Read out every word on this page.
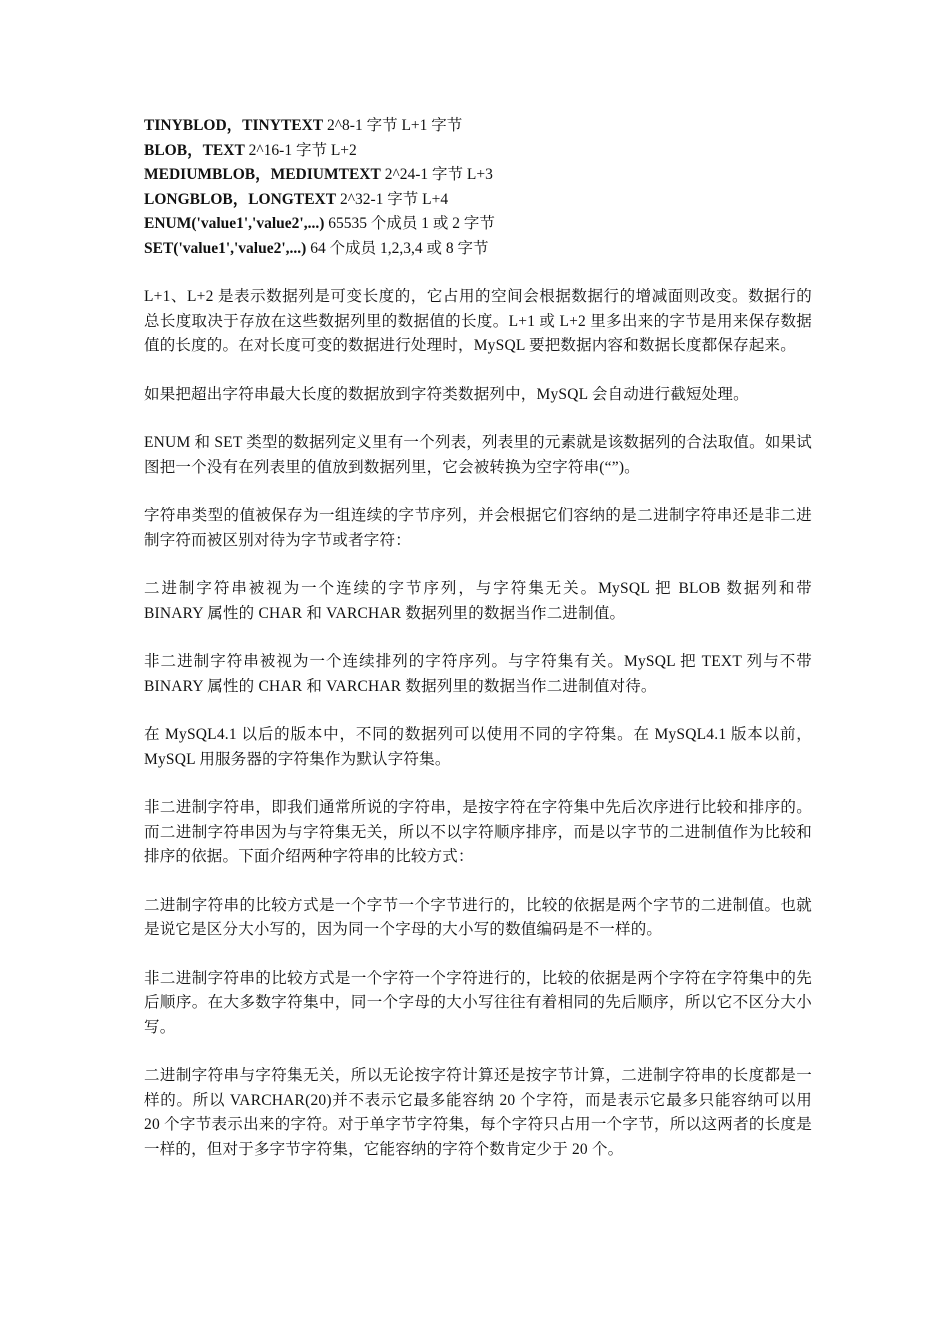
TINYBLOD，TINYTEXT 2^8-1 字节 L+1 字节
BLOB，TEXT 2^16-1 字节 L+2
MEDIUMBLOB，MEDIUMTEXT 2^24-1 字节 L+3
LONGBLOB，LONGTEXT 2^32-1 字节 L+4
ENUM('value1','value2',...) 65535 个成员 1 或 2 字节
SET('value1','value2',...) 64 个成员 1,2,3,4 或 8 字节

L+1、L+2 是表示数据列是可变长度的，它占用的空间会根据数据行的增减面则改变。数据行的总长度取决于存放在这些数据列里的数据值的长度。L+1 或 L+2 里多出来的字节是用来保存数据值的长度的。在对长度可变的数据进行处理时，MySQL 要把数据内容和数据长度都保存起来。

如果把超出字符串最大长度的数据放到字符类数据列中，MySQL 会自动进行截短处理。

ENUM 和 SET 类型的数据列定义里有一个列表，列表里的元素就是该数据列的合法取值。如果试图把一个没有在列表里的值放到数据列里，它会被转换为空字符串(“”)。

字符串类型的值被保存为一组连续的字节序列，并会根据它们容纳的是二进制字符串还是非二进制字符而被区别对待为字节或者字符：

二进制字符串被视为一个连续的字节序列，与字符集无关。MySQL 把 BLOB 数据列和带 BINARY 属性的 CHAR 和 VARCHAR 数据列里的数据当作二进制值。

非二进制字符串被视为一个连续排列的字符序列。与字符集有关。MySQL 把 TEXT 列与不带 BINARY 属性的 CHAR 和 VARCHAR 数据列里的数据当作二进制值对待。

在 MySQL4.1 以后的版本中，不同的数据列可以使用不同的字符集。在 MySQL4.1 版本以前，MySQL 用服务器的字符集作为默认字符集。

非二进制字符串，即我们通常所说的字符串，是按字符在字符集中先后次序进行比较和排序的。而二进制字符串因为与字符集无关，所以不以字符顺序排序，而是以字节的二进制值作为比较和排序的依据。下面介绍两种字符串的比较方式：

二进制字符串的比较方式是一个字节一个字节进行的，比较的依据是两个字节的二进制值。也就是说它是区分大小写的，因为同一个字母的大小写的数值编码是不一样的。

非二进制字符串的比较方式是一个字符一个字符进行的，比较的依据是两个字符在字符集中的先后顺序。在大多数字符集中，同一个字母的大小写往往有着相同的先后顺序，所以它不区分大小写。

二进制字符串与字符集无关，所以无论按字符计算还是按字节计算，二进制字符串的长度都是一样的。所以 VARCHAR(20)并不表示它最多能容纳 20 个字符，而是表示它最多只能容纳可以用 20 个字节表示出来的字符。对于单字节字符集，每个字符只占用一个字节，所以这两者的长度是一样的，但对于多字节字符集，它能容纳的字符个数肯定少于 20 个。
